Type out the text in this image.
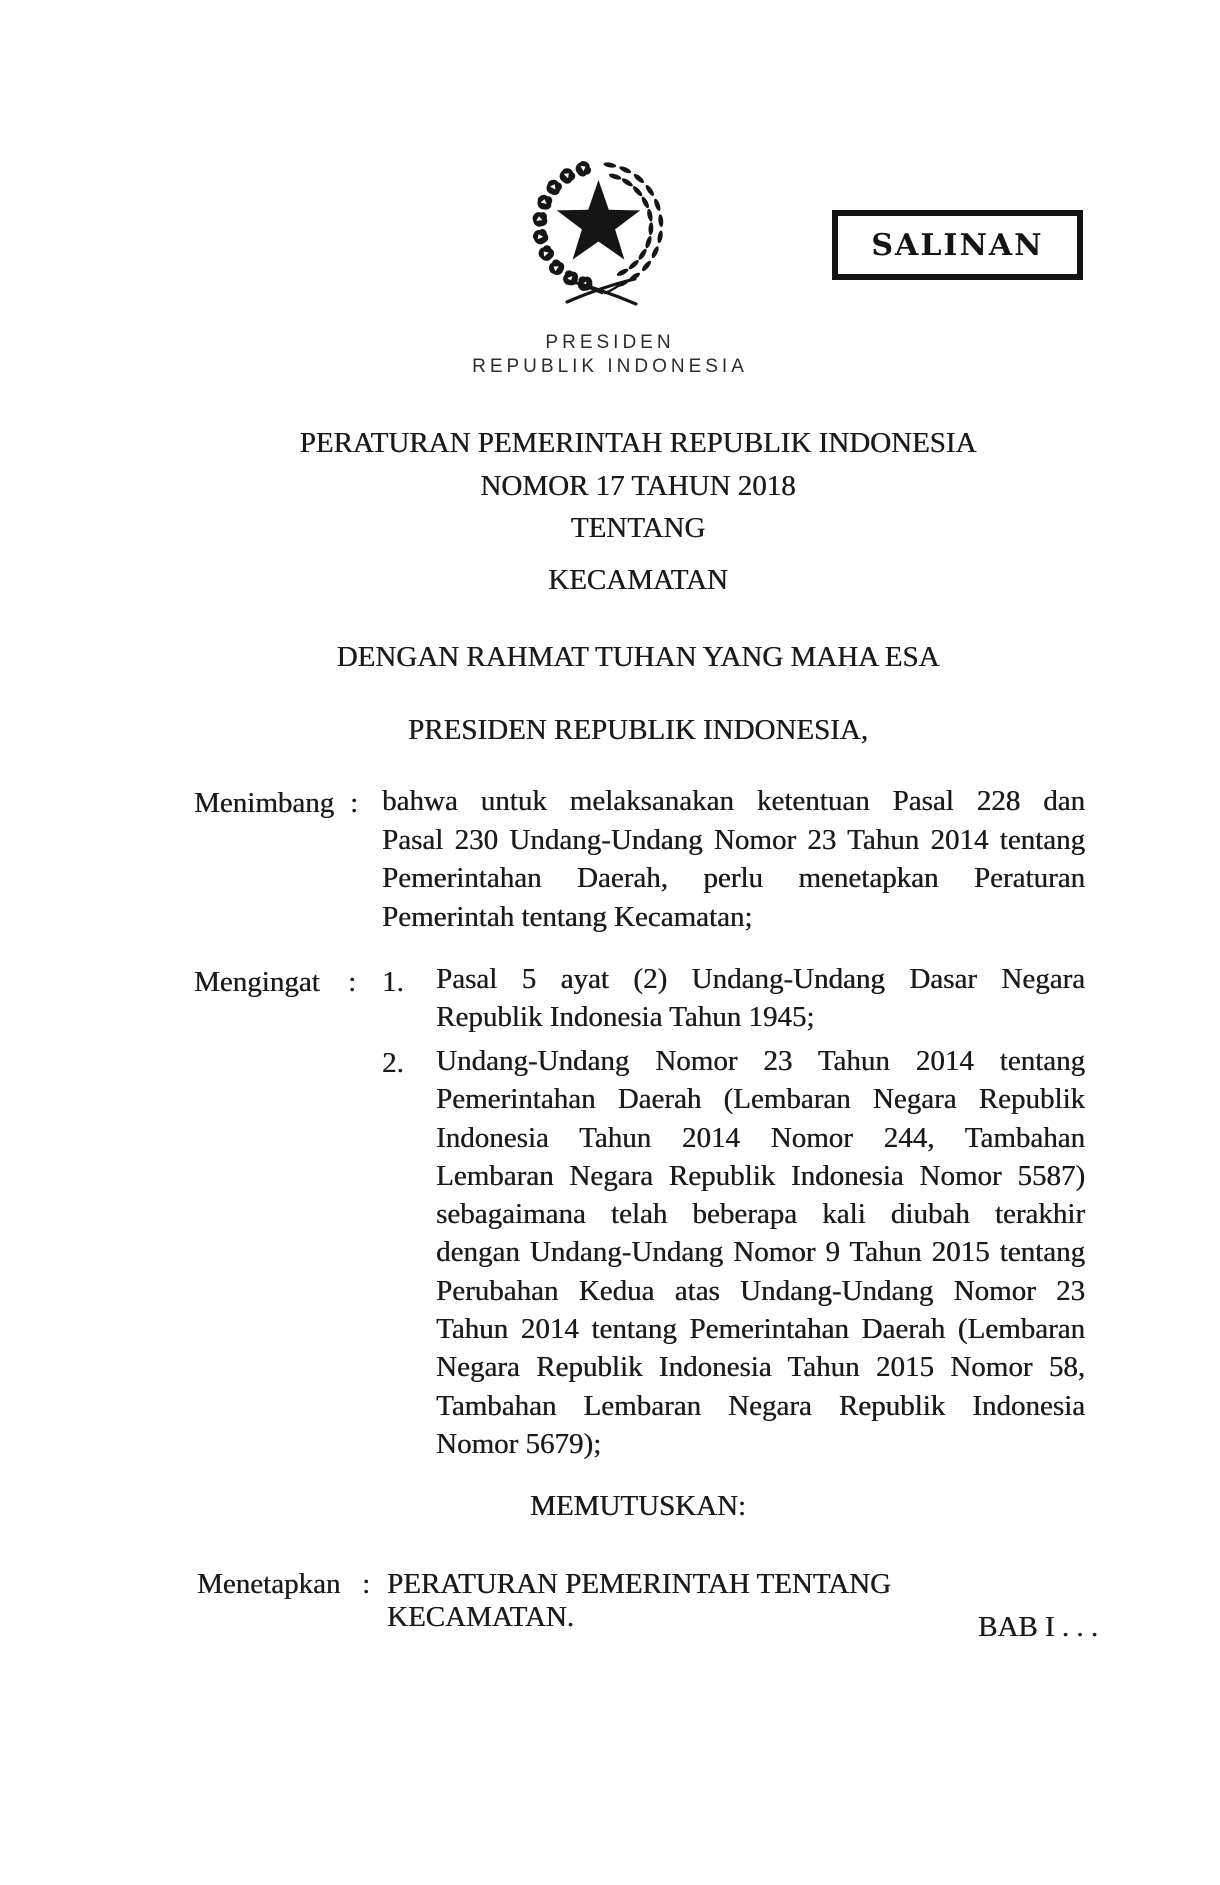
SALINAN
PRESIDEN
REPUBLIK INDONESIA
PERATURAN PEMERINTAH REPUBLIK INDONESIA
NOMOR 17 TAHUN 2018
TENTANG
KECAMATAN
DENGAN RAHMAT TUHAN YANG MAHA ESA
PRESIDEN REPUBLIK INDONESIA,
Menimbang : bahwa untuk melaksanakan ketentuan Pasal 228 dan
Pasal 230 Undang-Undang Nomor 23 Tahun 2014 tentang
Pemerintahan Daerah, perlu menetapkan Peraturan
Pemerintah tentang Kecamatan;
Mengingat : 1. Pasal 5 ayat (2) Undang-Undang Dasar Negara
Republik Indonesia Tahun 1945;
2. Undang-Undang Nomor 23 Tahun 2014 tentang
Pemerintahan Daerah (Lembaran Negara Republik
Indonesia Tahun 2014 Nomor 244, Tambahan
Lembaran Negara Republik Indonesia Nomor 5587)
sebagaimana telah beberapa kali diubah terakhir
dengan Undang-Undang Nomor 9 Tahun 2015 tentang
Perubahan Kedua atas Undang-Undang Nomor 23
Tahun 2014 tentang Pemerintahan Daerah (Lembaran
Negara Republik Indonesia Tahun 2015 Nomor 58,
Tambahan Lembaran Negara Republik Indonesia
Nomor 5679);
MEMUTUSKAN:
Menetapkan : PERATURAN PEMERINTAH TENTANG  KECAMATAN.	BAB I . . .
